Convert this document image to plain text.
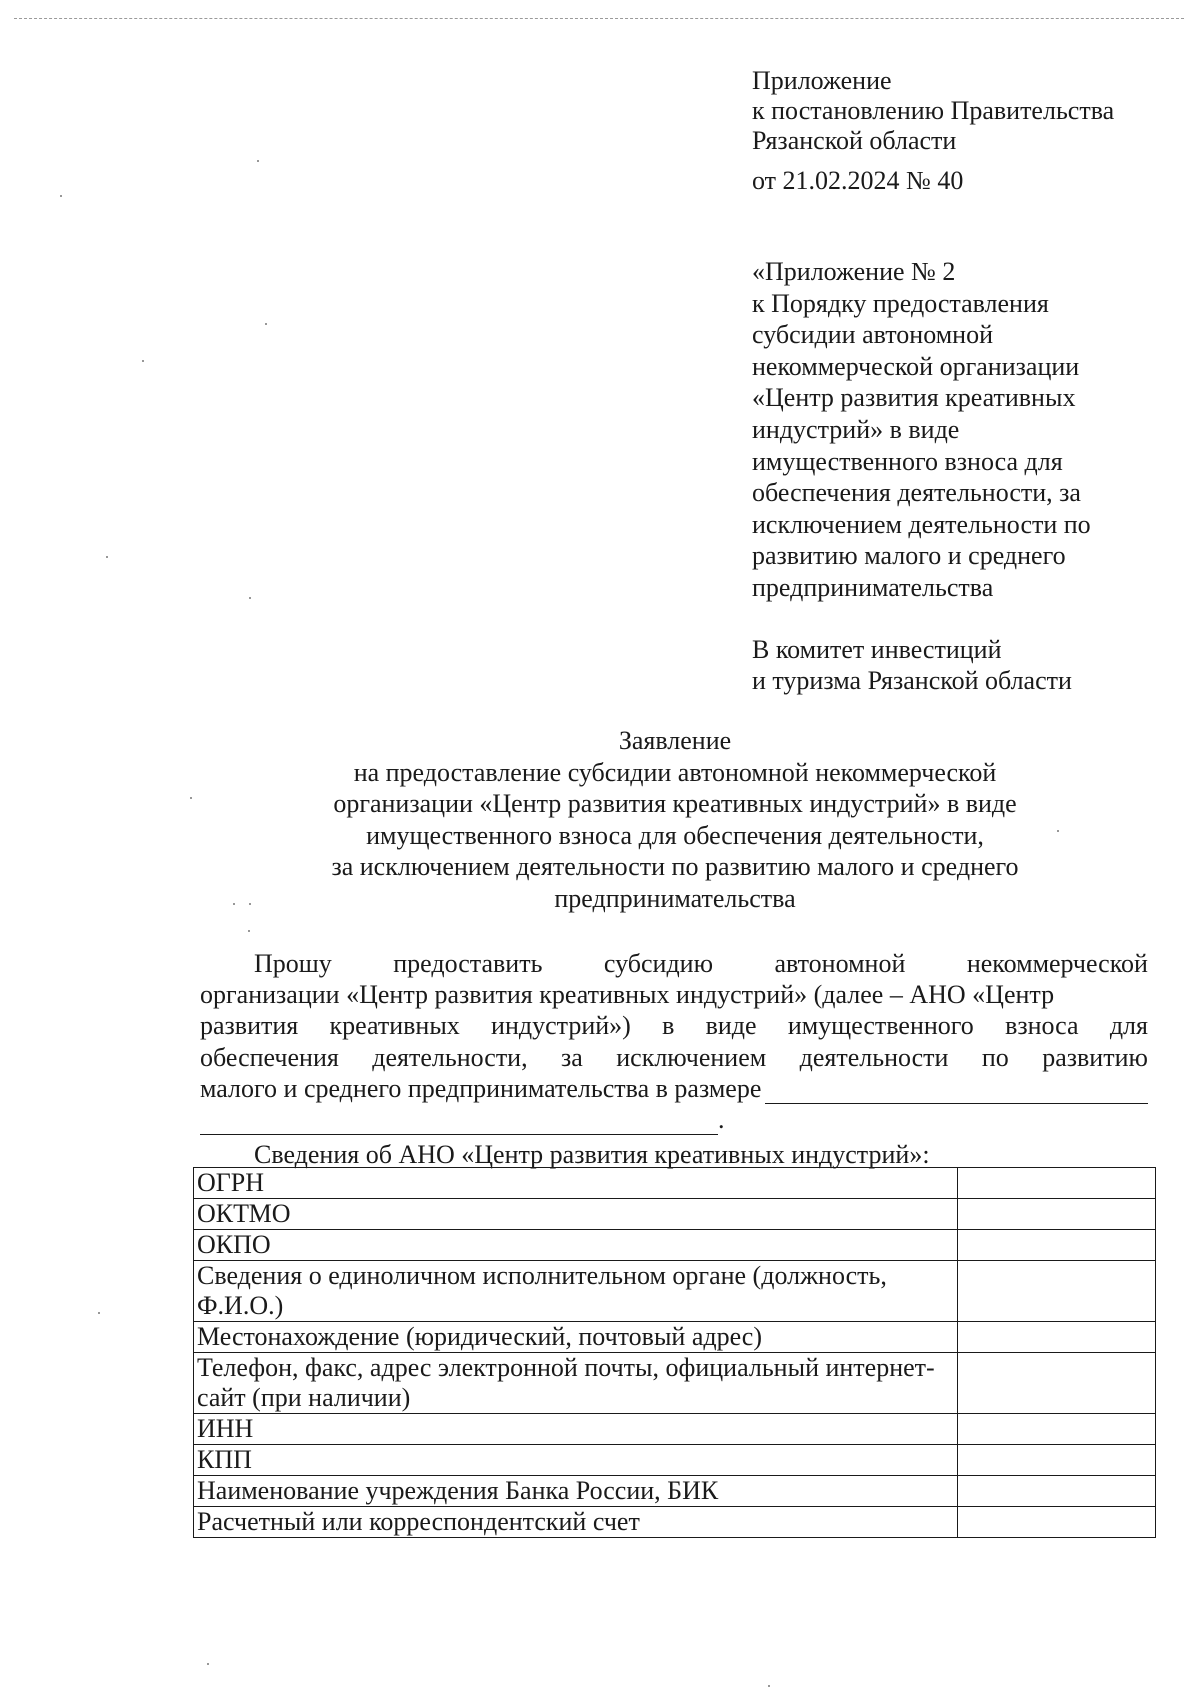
Приложение
к постановлению Правительства
Рязанской области
от 21.02.2024 № 40
«Приложение № 2
к Порядку предоставления
субсидии автономной
некоммерческой организации
«Центр развития креативных
индустрий» в виде
имущественного взноса для
обеспечения деятельности, за
исключением деятельности по
развитию малого и среднего
предпринимательства
В комитет инвестиций
и туризма Рязанской области
Заявление
на предоставление субсидии автономной некоммерческой
организации «Центр развития креативных индустрий» в виде
имущественного взноса для обеспечения деятельности,
за исключением деятельности по развитию малого и среднего
предпринимательства
Прошу предоставить субсидию автономной некоммерческой
организации «Центр развития креативных индустрий» (далее – АНО «Центр
развития креативных индустрий») в виде имущественного взноса для
обеспечения деятельности, за исключением деятельности по развитию
малого и среднего предпринимательства в размере
.
Сведения об АНО «Центр развития креативных индустрий»:
ОГРН	
ОКТМО	
ОКПО	
Сведения о единоличном исполнительном органе (должность, Ф.И.О.)	
Местонахождение (юридический, почтовый адрес)	
Телефон, факс, адрес электронной почты, официальный интернет-сайт (при наличии)	
ИНН	
КПП	
Наименование учреждения Банка России, БИК	
Расчетный или корреспондентский счет	
